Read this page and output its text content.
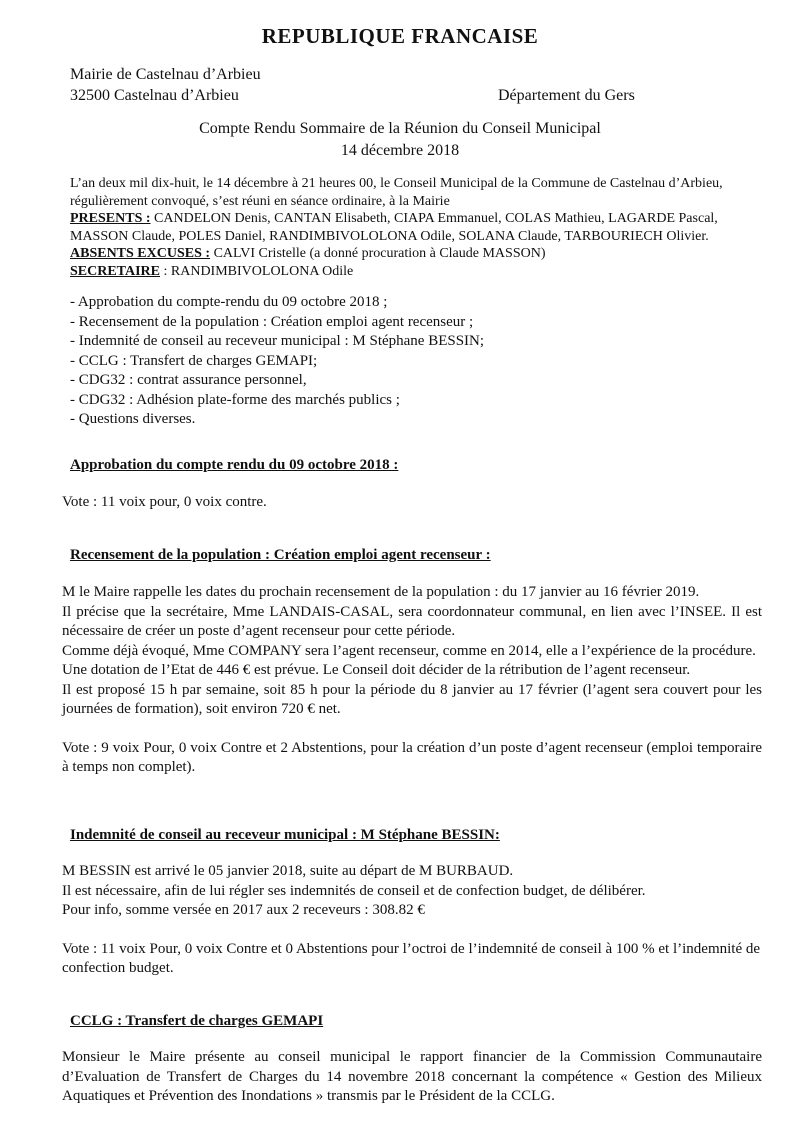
REPUBLIQUE FRANCAISE
Mairie de Castelnau d’Arbieu
32500 Castelnau d’Arbieu	Département du Gers
Compte Rendu Sommaire de la Réunion du Conseil Municipal
14 décembre 2018
L’an deux mil dix-huit, le 14 décembre à 21 heures 00, le Conseil Municipal de la Commune de Castelnau d’Arbieu, régulièrement convoqué, s’est réuni en séance ordinaire, à la Mairie
PRESENTS : CANDELON Denis, CANTAN Elisabeth, CIAPA Emmanuel, COLAS Mathieu, LAGARDE Pascal, MASSON Claude, POLES Daniel, RANDIMBIVOLOLONA Odile, SOLANA Claude, TARBOURIECH Olivier.
ABSENTS EXCUSES : CALVI Cristelle (a donné procuration à Claude MASSON)
SECRETAIRE : RANDIMBIVOLOLONA Odile
- Approbation du compte-rendu du 09 octobre 2018 ;
- Recensement de la population : Création emploi agent recenseur ;
- Indemnité de conseil au receveur municipal : M Stéphane BESSIN;
- CCLG : Transfert de charges GEMAPI;
- CDG32 : contrat assurance personnel,
- CDG32 : Adhésion plate-forme des marchés publics ;
- Questions diverses.
Approbation du compte rendu du 09 octobre 2018 :
Vote : 11 voix pour, 0 voix contre.
Recensement de la population : Création emploi agent recenseur :

M le Maire rappelle les dates du prochain recensement de la population : du 17 janvier au 16 février 2019.

Il précise que la secrétaire, Mme LANDAIS-CASAL, sera coordonnateur communal, en lien avec l’INSEE. Il est nécessaire de créer un poste d’agent recenseur pour cette période.

Comme déjà évoqué, Mme COMPANY sera l’agent recenseur, comme en 2014, elle a l’expérience de la procédure.

Une dotation de l’Etat de 446 € est prévue. Le Conseil doit décider de la rétribution de l’agent recenseur.

Il est proposé 15 h par semaine, soit 85 h pour la période du 8 janvier au 17 février (l’agent sera couvert pour les journées de formation), soit environ 720 € net.

Vote : 9 voix Pour, 0 voix Contre et 2 Abstentions, pour la création d’un poste d’agent recenseur (emploi temporaire à temps non complet).

Indemnité de conseil au receveur municipal : M Stéphane BESSIN:

M BESSIN est arrivé le 05 janvier 2018, suite au départ de M BURBAUD.

Il est nécessaire, afin de lui régler ses indemnités de conseil et de confection budget, de délibérer.

Pour info, somme versée en 2017 aux 2 receveurs : 308.82 €

Vote : 11 voix Pour, 0 voix Contre et 0 Abstentions pour l’octroi de l’indemnité de conseil à 100 % et l’indemnité de confection budget.

CCLG : Transfert de charges GEMAPI

Monsieur le Maire présente au conseil municipal le rapport financier de la Commission Communautaire d’Evaluation de Transfert de Charges du 14 novembre 2018 concernant la compétence « Gestion des Milieux Aquatiques et Prévention des Inondations » transmis par le Président de la CCLG.
